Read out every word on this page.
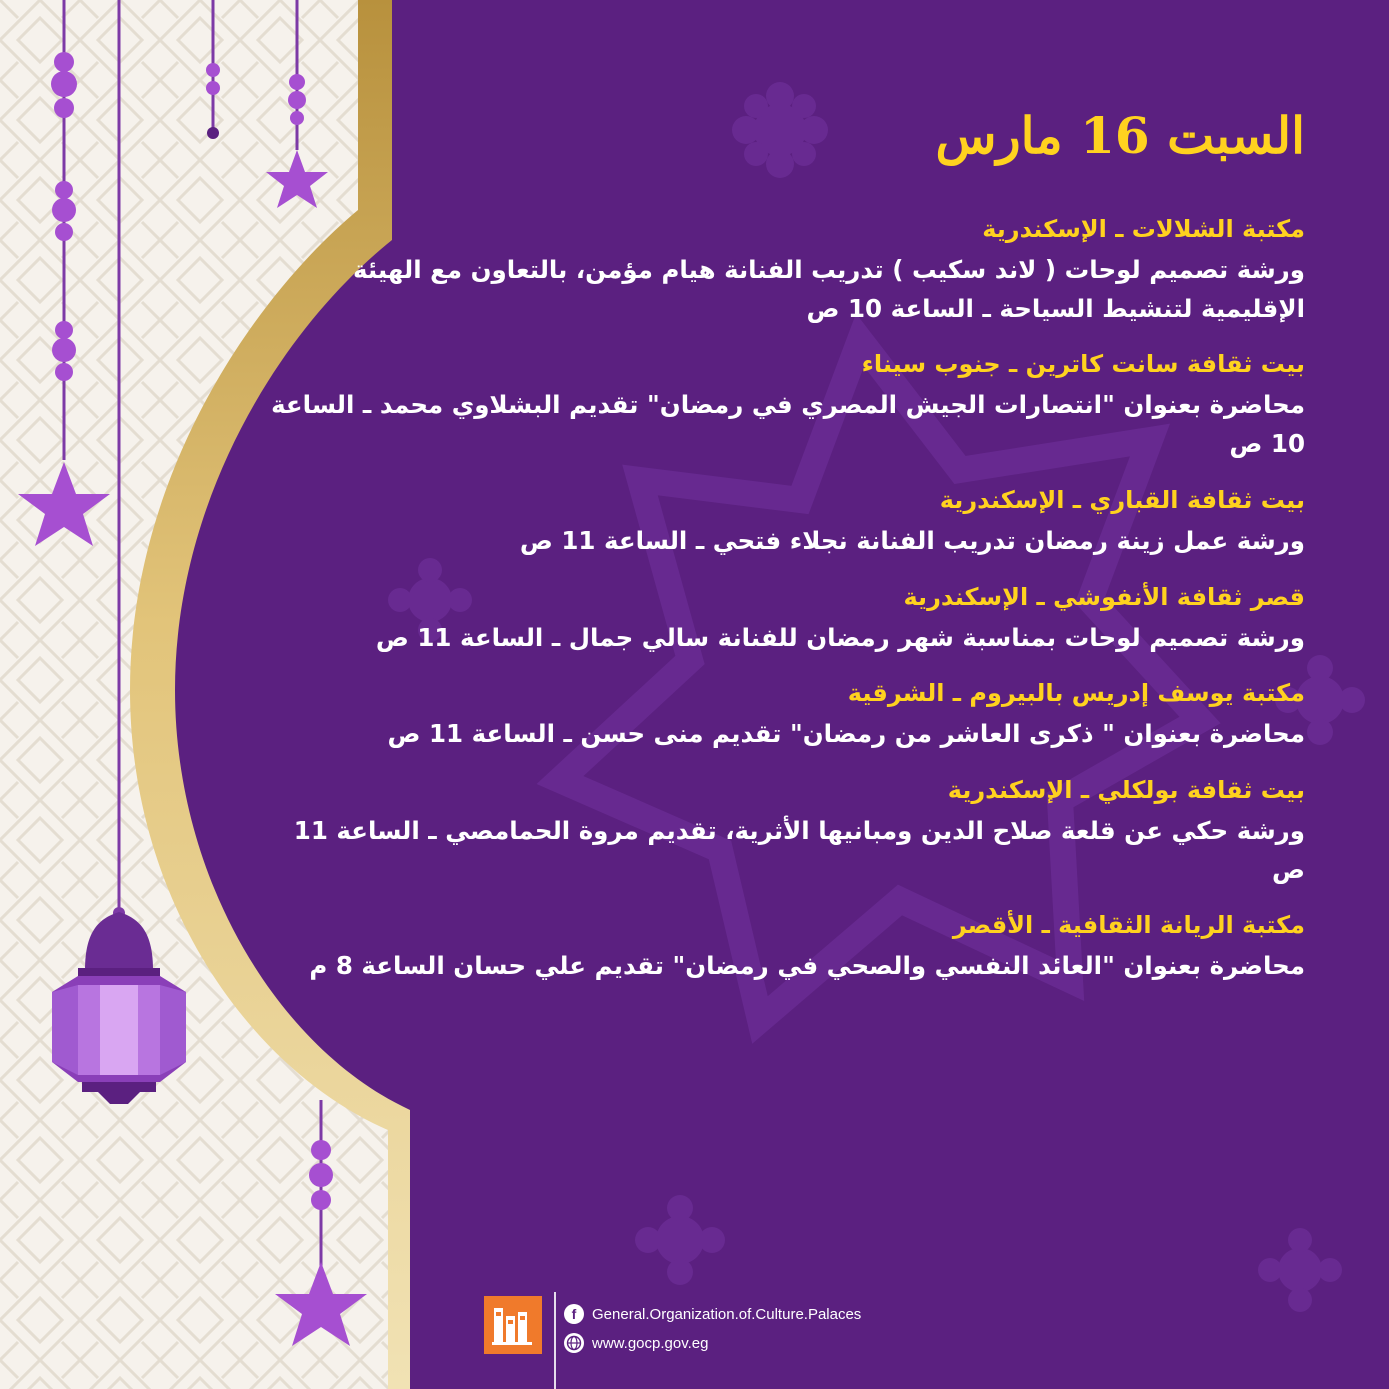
السبت 16 مارس

مكتبة الشلالات ـ الإسكندرية

ورشة تصميم لوحات ( لاند سكيب ) تدريب الفنانة هيام مؤمن، بالتعاون مع الهيئة الإقليمية لتنشيط السياحة ـ الساعة 10 ص

بيت ثقافة سانت كاترين ـ جنوب سيناء

محاضرة بعنوان "انتصارات الجيش المصري في رمضان" تقديم البشلاوي محمد ـ الساعة 10 ص

بيت ثقافة القباري ـ الإسكندرية

ورشة عمل زينة رمضان تدريب الفنانة نجلاء فتحي ـ الساعة 11 ص

قصر ثقافة الأنفوشي ـ الإسكندرية

ورشة تصميم لوحات بمناسبة شهر رمضان للفنانة سالي جمال ـ الساعة 11 ص

مكتبة يوسف إدريس بالبيروم ـ الشرقية

محاضرة بعنوان " ذكرى العاشر من رمضان" تقديم منى حسن ـ الساعة 11 ص

بيت ثقافة بولكلي ـ الإسكندرية

ورشة حكي عن قلعة صلاح الدين ومبانيها الأثرية، تقديم مروة الحمامصي ـ الساعة 11 ص

مكتبة الريانة الثقافية ـ الأقصر

محاضرة بعنوان "العائد النفسي والصحي في رمضان" تقديم علي حسان الساعة 8 م

f	General.Organization.of.Culture.Palaces
www.gocp.gov.eg
